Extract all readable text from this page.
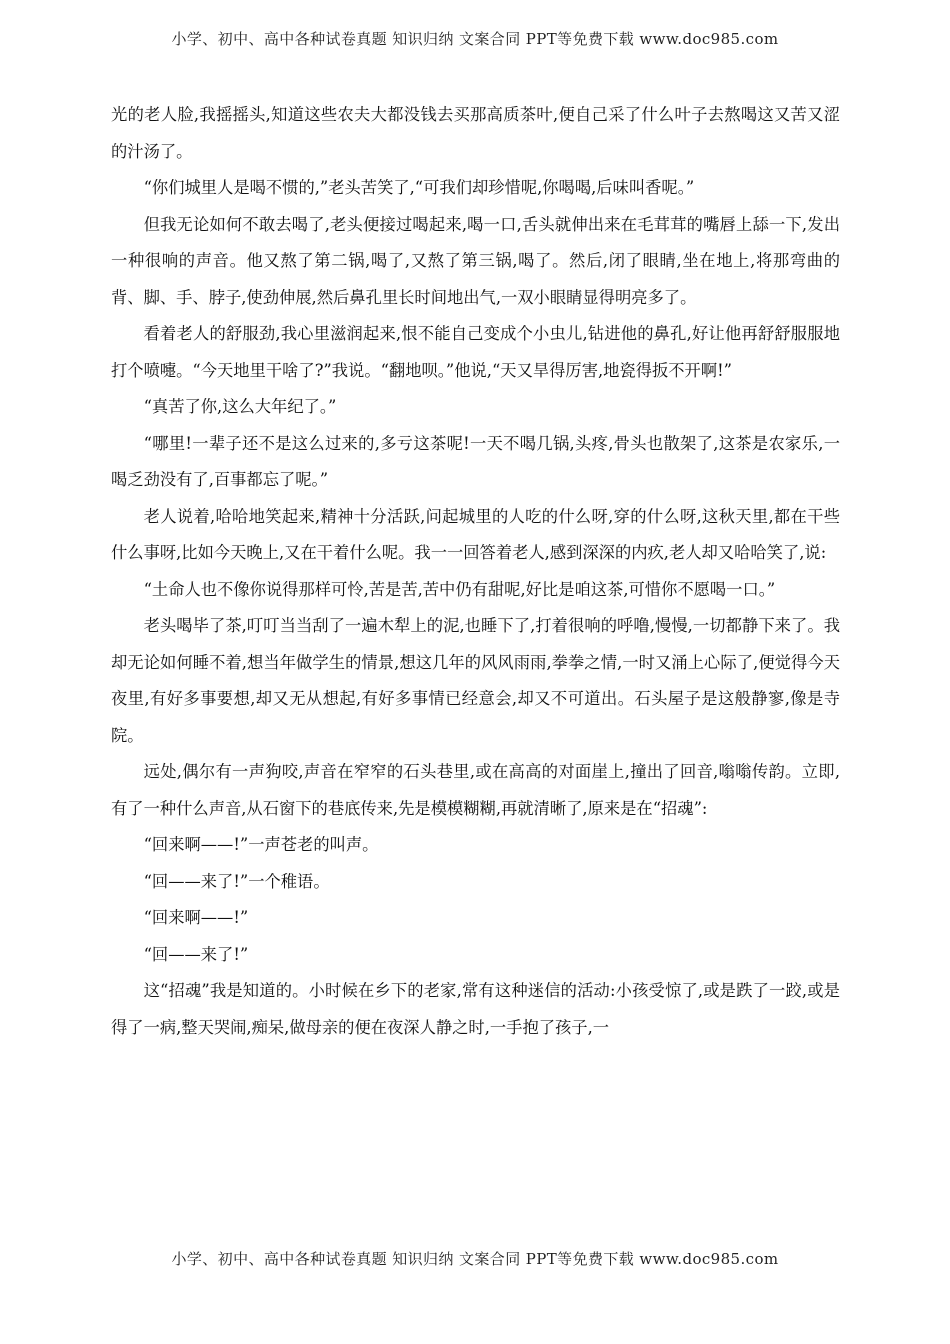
小学、初中、高中各种试卷真题 知识归纳 文案合同 PPT等免费下载 www.doc985.com

光的老人脸,我摇摇头,知道这些农夫大都没钱去买那高质茶叶,便自己采了什么叶子去熬喝这又苦又涩的汁汤了。

“你们城里人是喝不惯的,”老头苦笑了,“可我们却珍惜呢,你喝喝,后味叫香呢。”

但我无论如何不敢去喝了,老头便接过喝起来,喝一口,舌头就伸出来在毛茸茸的嘴唇上舔一下,发出一种很响的声音。他又熬了第二锅,喝了,又熬了第三锅,喝了。然后,闭了眼睛,坐在地上,将那弯曲的背、脚、手、脖子,使劲伸展,然后鼻孔里长时间地出气,一双小眼睛显得明亮多了。

看着老人的舒服劲,我心里滋润起来,恨不能自己变成个小虫儿,钻进他的鼻孔,好让他再舒舒服服地打个喷嚏。“今天地里干啥了?”我说。“翻地呗。”他说,“天又旱得厉害,地瓷得扳不开啊!”

“真苦了你,这么大年纪了。”

“哪里!一辈子还不是这么过来的,多亏这茶呢!一天不喝几锅,头疼,骨头也散架了,这茶是农家乐,一喝乏劲没有了,百事都忘了呢。”

老人说着,哈哈地笑起来,精神十分活跃,问起城里的人吃的什么呀,穿的什么呀,这秋天里,都在干些什么事呀,比如今天晚上,又在干着什么呢。我一一回答着老人,感到深深的内疚,老人却又哈哈笑了,说:

“土命人也不像你说得那样可怜,苦是苦,苦中仍有甜呢,好比是咱这茶,可惜你不愿喝一口。”

老头喝毕了茶,叮叮当当刮了一遍木犁上的泥,也睡下了,打着很响的呼噜,慢慢,一切都静下来了。我却无论如何睡不着,想当年做学生的情景,想这几年的风风雨雨,拳拳之情,一时又涌上心际了,便觉得今天夜里,有好多事要想,却又无从想起,有好多事情已经意会,却又不可道出。石头屋子是这般静寥,像是寺院。

远处,偶尔有一声狗咬,声音在窄窄的石头巷里,或在高高的对面崖上,撞出了回音,嗡嗡传韵。立即,有了一种什么声音,从石窗下的巷底传来,先是模模糊糊,再就清晰了,原来是在“招魂”:

“回来啊——!”一声苍老的叫声。

“回——来了!”一个稚语。

“回来啊——!”

“回——来了!”

这“招魂”我是知道的。小时候在乡下的老家,常有这种迷信的活动:小孩受惊了,或是跌了一跤,或是得了一病,整天哭闹,痴呆,做母亲的便在夜深人静之时,一手抱了孩子,一

小学、初中、高中各种试卷真题 知识归纳 文案合同 PPT等免费下载 www.doc985.com
